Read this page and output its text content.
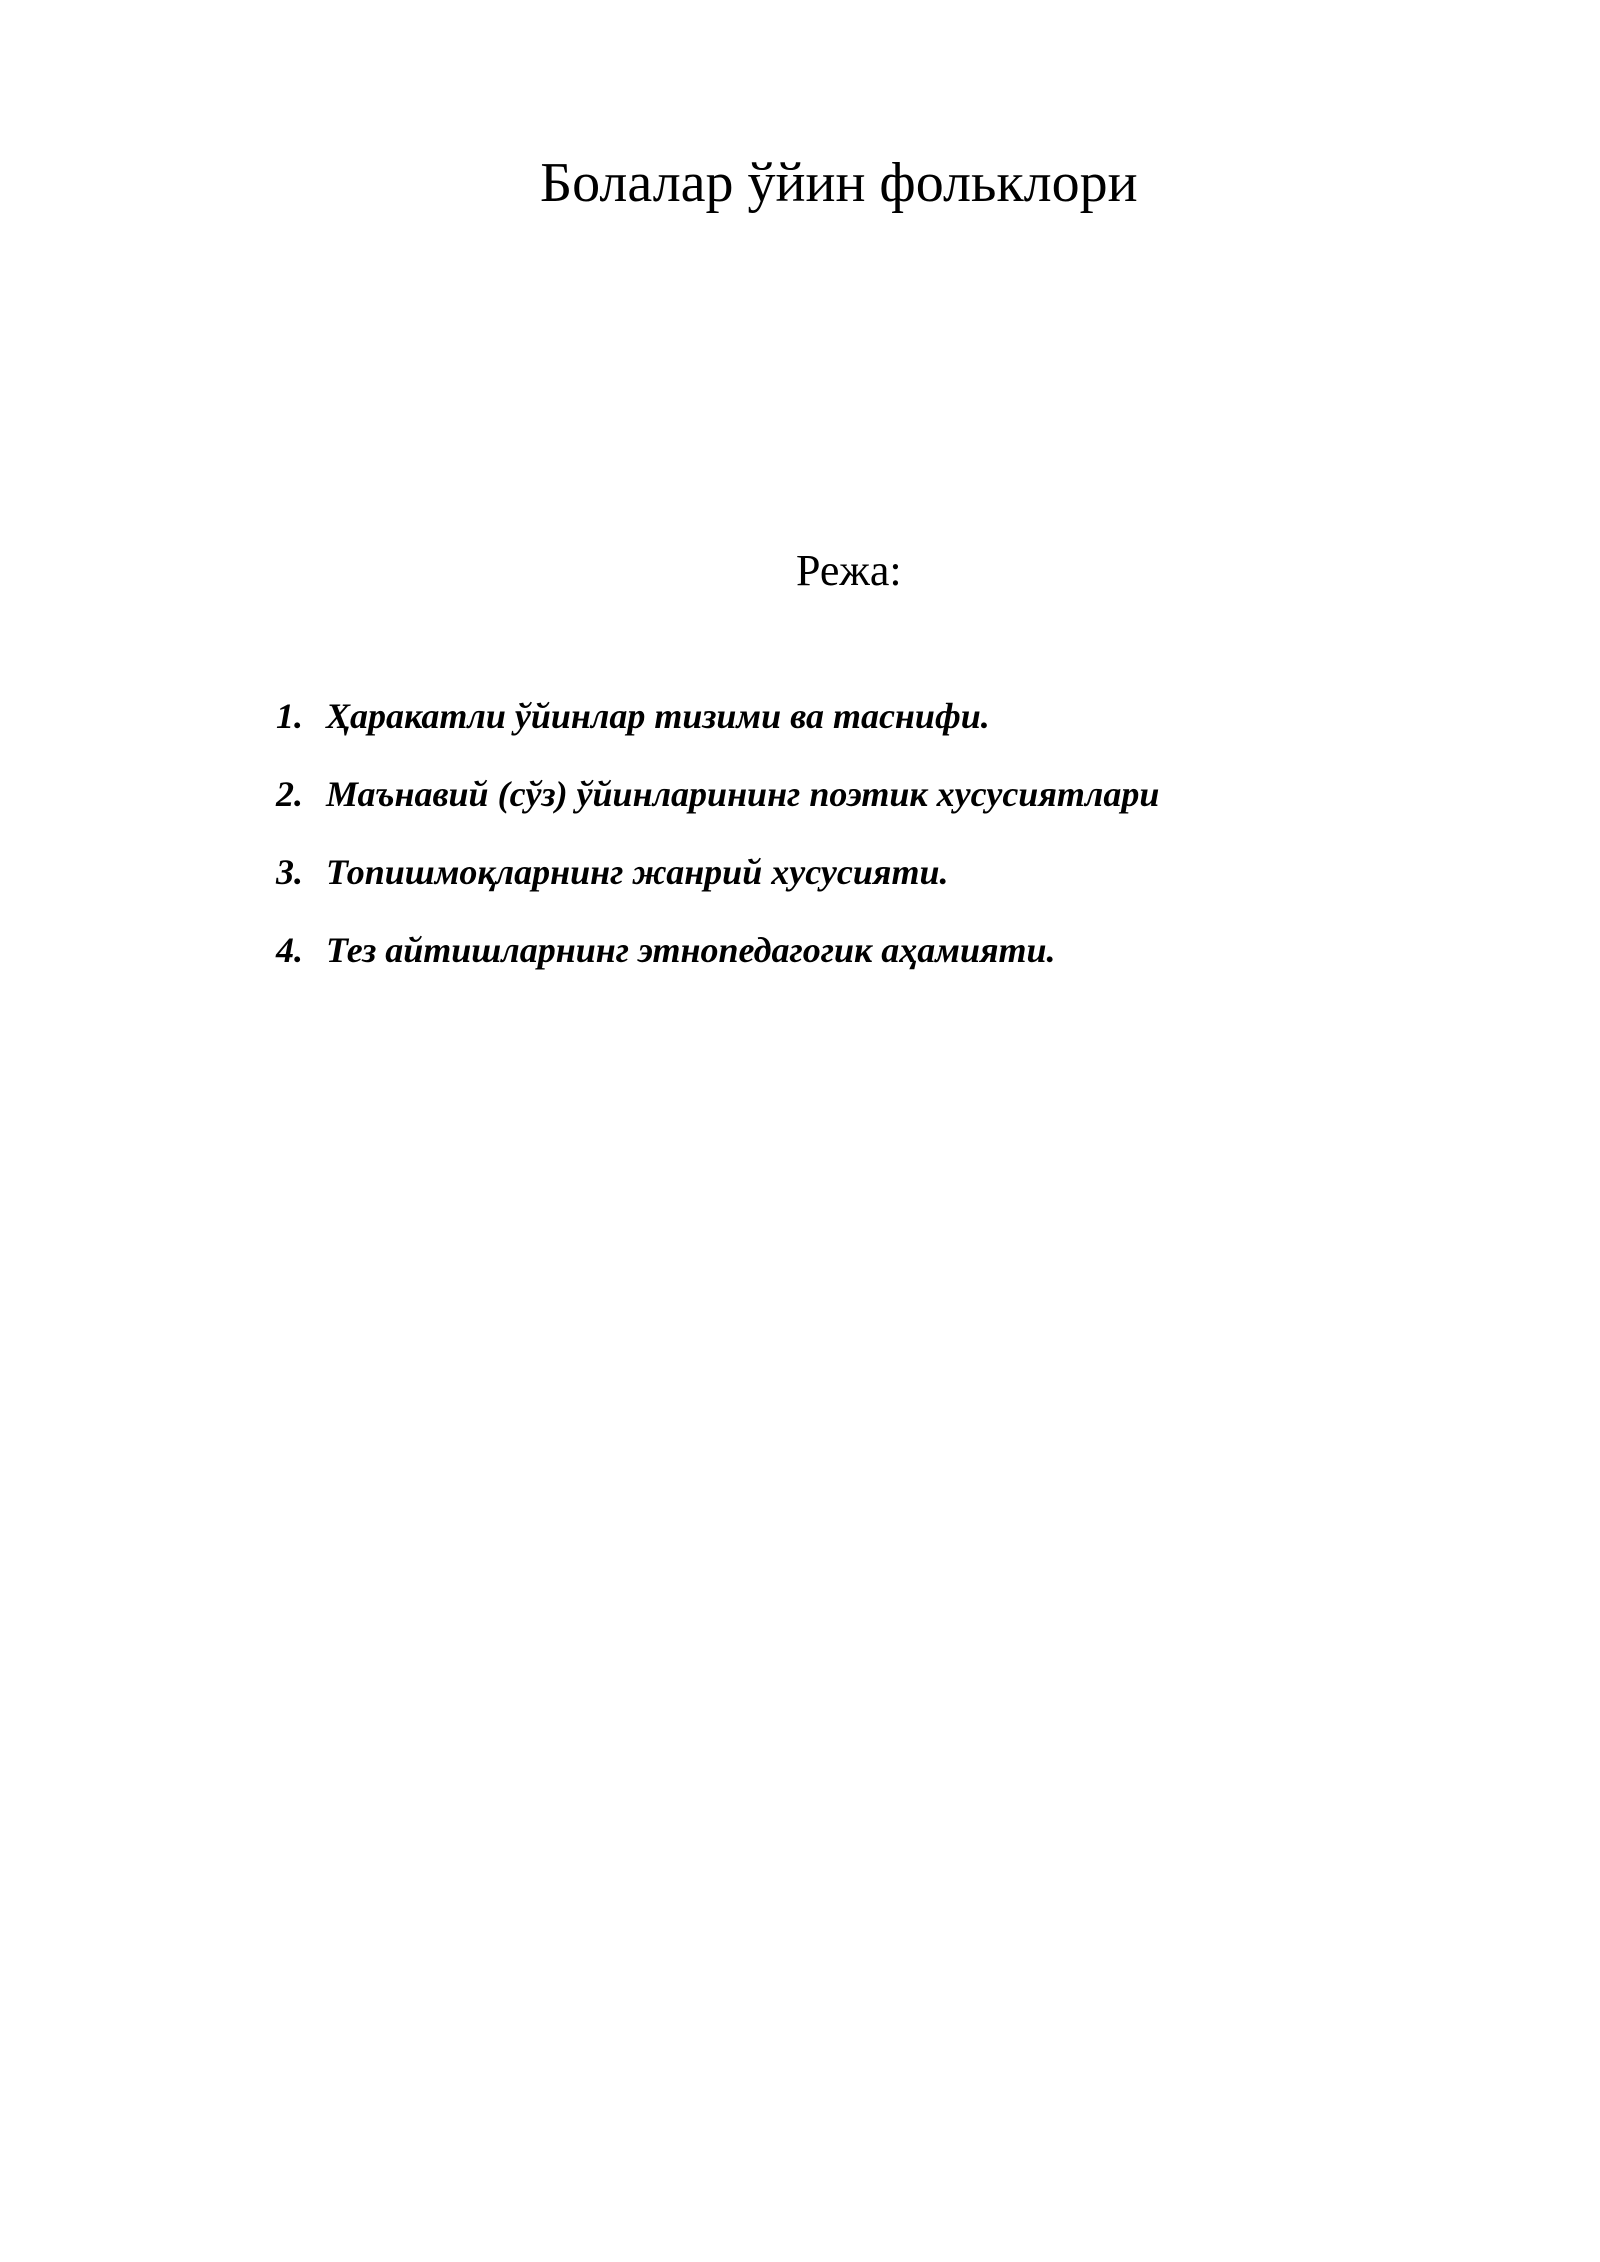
Болалар ўйин фольклори
Режа:
1. Ҳаракатли ўйинлар тизими ва таснифи.
2. Маънавий (сўз) ўйинларининг поэтик хусусиятлари
3. Топишмоқларнинг жанрий хусусияти.
4. Тез айтишларнинг этнопедагогик аҳамияти.
